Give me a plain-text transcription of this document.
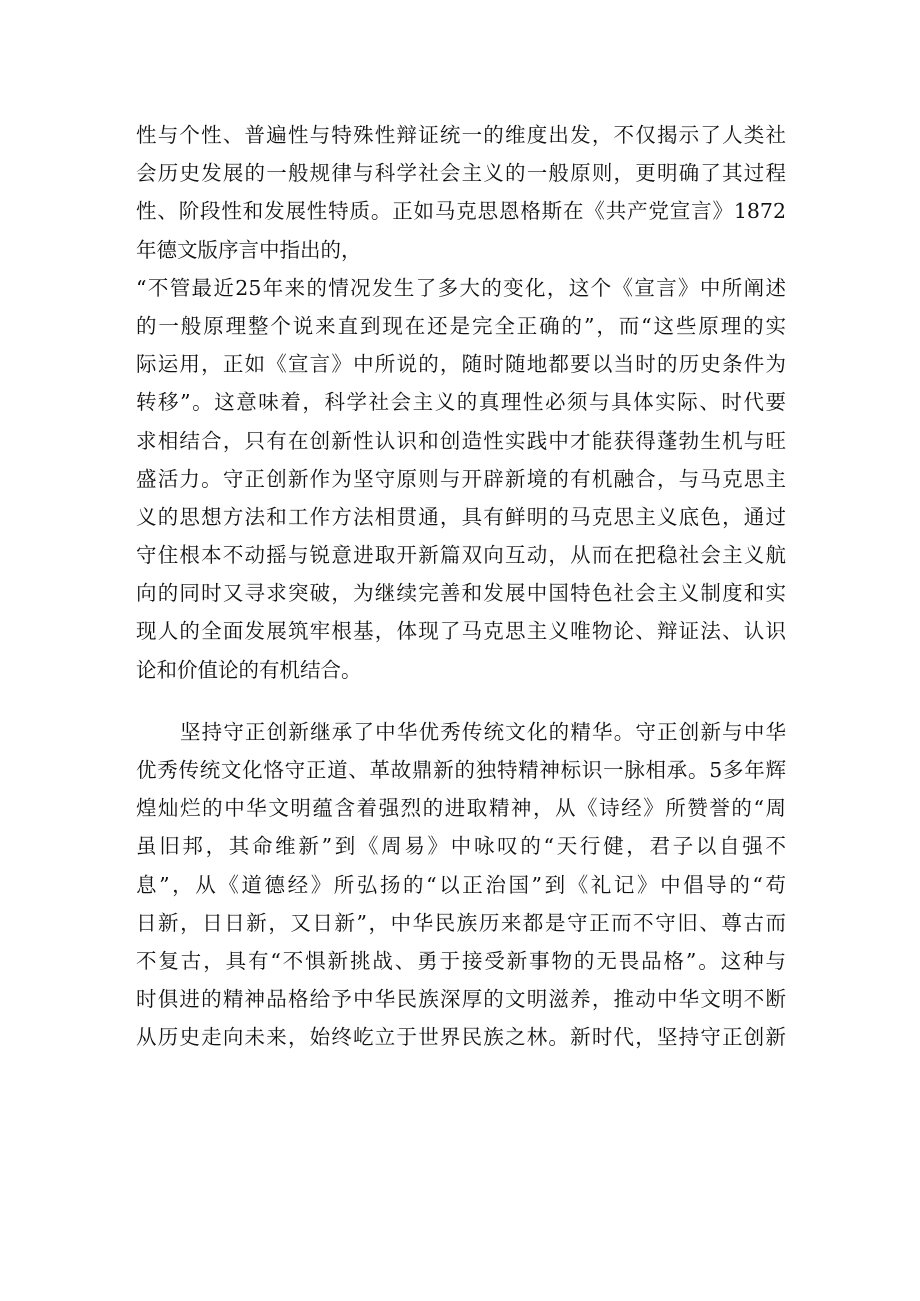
性与个性、普遍性与特殊性辩证统一的维度出发，不仅揭示了人类社
会历史发展的一般规律与科学社会主义的一般原则，更明确了其过程
性、阶段性和发展性特质。正如马克思恩格斯在《共产党宣言》1872
年德文版序言中指出的，
“不管最近25年来的情况发生了多大的变化，这个《宣言》中所阐述
的一般原理整个说来直到现在还是完全正确的”，而“这些原理的实
际运用，正如《宣言》中所说的，随时随地都要以当时的历史条件为
转移”。这意味着，科学社会主义的真理性必须与具体实际、时代要
求相结合，只有在创新性认识和创造性实践中才能获得蓬勃生机与旺
盛活力。守正创新作为坚守原则与开辟新境的有机融合，与马克思主
义的思想方法和工作方法相贯通，具有鲜明的马克思主义底色，通过
守住根本不动摇与锐意进取开新篇双向互动，从而在把稳社会主义航
向的同时又寻求突破，为继续完善和发展中国特色社会主义制度和实
现人的全面发展筑牢根基，体现了马克思主义唯物论、辩证法、认识
论和价值论的有机结合。
坚持守正创新继承了中华优秀传统文化的精华。守正创新与中华
优秀传统文化恪守正道、革故鼎新的独特精神标识一脉相承。5多年辉
煌灿烂的中华文明蕴含着强烈的进取精神，从《诗经》所赞誉的“周
虽旧邦，其命维新”到《周易》中咏叹的“天行健，君子以自强不
息”，从《道德经》所弘扬的“以正治国”到《礼记》中倡导的“苟
日新，日日新，又日新”，中华民族历来都是守正而不守旧、尊古而
不复古，具有“不惧新挑战、勇于接受新事物的无畏品格”。这种与
时俱进的精神品格给予中华民族深厚的文明滋养，推动中华文明不断
从历史走向未来，始终屹立于世界民族之林。新时代，坚持守正创新
